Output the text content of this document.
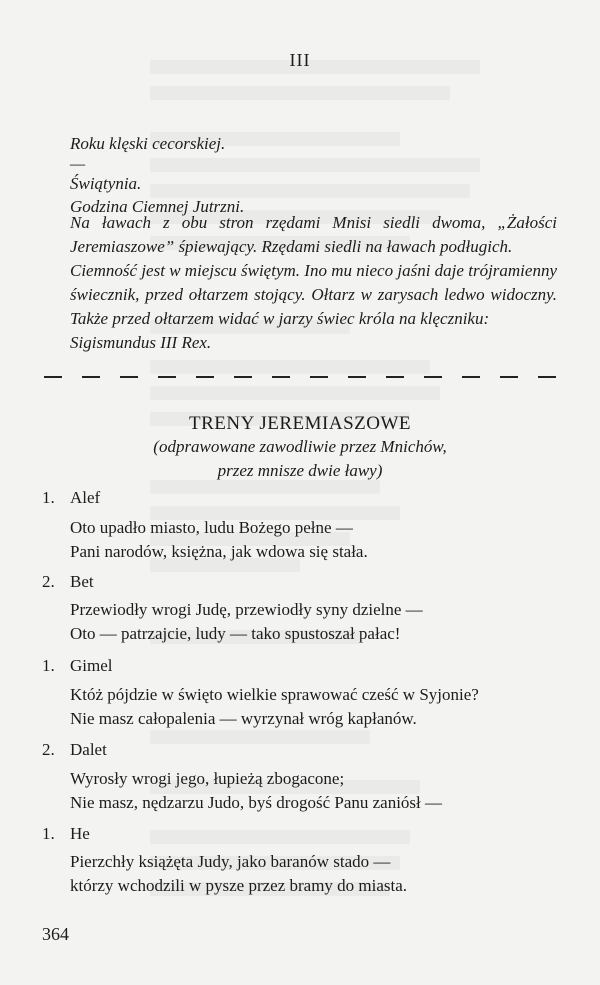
III
Roku klęski cecorskiej.
—
Świątynia.
Godzina Ciemnej Jutrzni.
Na ławach z obu stron rzędami Mnisi siedli dwoma, „Żałości Jeremiaszowe” śpiewający. Rzędami siedli na ławach podługich.
Ciemność jest w miejscu świętym. Ino mu nieco jaśni daje trójramienny świecznik, przed ołtarzem stojący. Ołtarz w zarysach ledwo widoczny. Także przed ołtarzem widać w jarzy świec króla na klęczniku:
Sigismundus III Rex.
TRENY JEREMIASZOWE
(odprawowane zawodliwie przez Mnichów,
przez mnisze dwie ławy)
1. Alef
Oto upadło miasto, ludu Bożego pełne —
Pani narodów, księżna, jak wdowa się stała.
2. Bet
Przewiodły wrogi Judę, przewiodły syny dzielne —
Oto — patrzajcie, ludy — tako spustoszał pałac!
1. Gimel
Któż pójdzie w święto wielkie sprawować cześć w Syjonie?
Nie masz całopalenia — wyrzynał wróg kapłanów.
2. Dalet
Wyrosły wrogi jego, łupieżą zbogacone;
Nie masz, nędzarzu Judo, byś drogość Panu zaniósł —
1. He
Pierzchły książęta Judy, jako baranów stado —
którzy wchodzili w pysze przez bramy do miasta.
364
